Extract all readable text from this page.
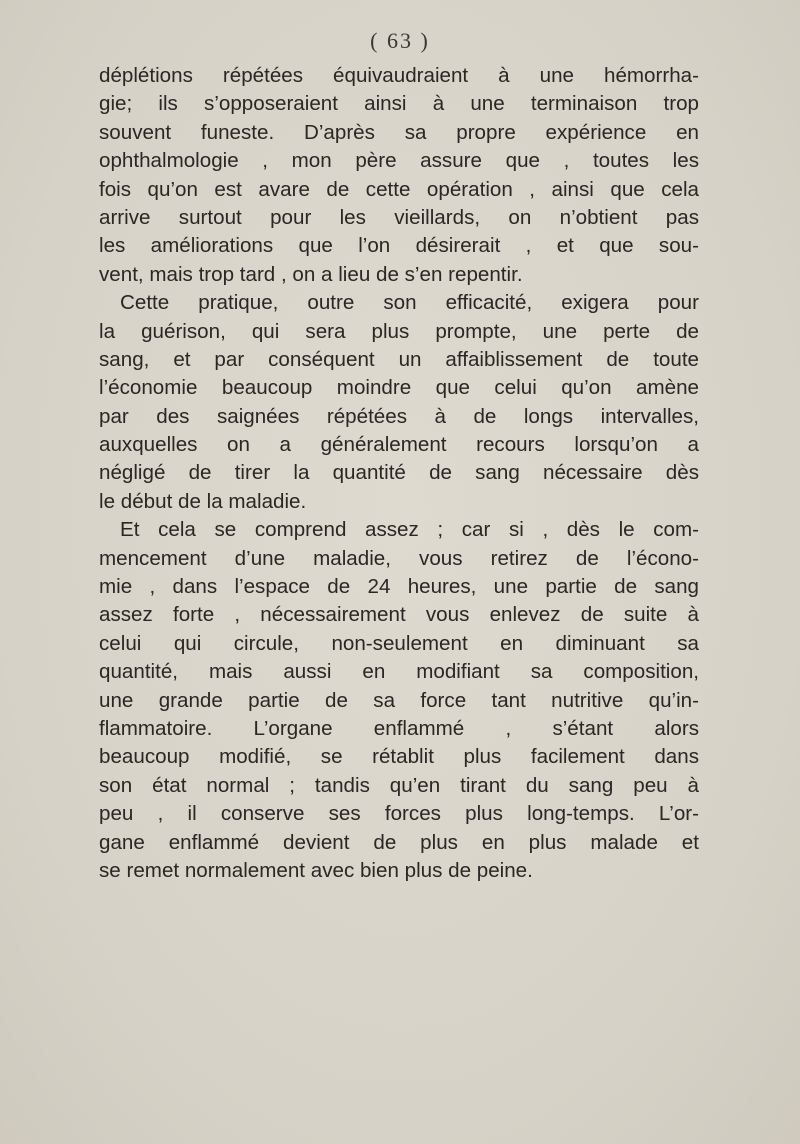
( 63 )
déplétions répétées équivaudraient à une hémorrha-
gie; ils s’opposeraient ainsi à une terminaison trop
souvent funeste. D’après sa propre expérience en
ophthalmologie , mon père assure que , toutes les
fois qu’on est avare de cette opération , ainsi que cela
arrive surtout pour les vieillards, on n’obtient pas
les améliorations que l’on désirerait , et que sou-
vent, mais trop tard , on a lieu de s’en repentir.
Cette pratique, outre son efficacité, exigera pour
la guérison, qui sera plus prompte, une perte de
sang, et par conséquent un affaiblissement de toute
l’économie beaucoup moindre que celui qu’on amène
par des saignées répétées à de longs intervalles,
auxquelles on a généralement recours lorsqu’on a
négligé de tirer la quantité de sang nécessaire dès
le début de la maladie.
Et cela se comprend assez ; car si , dès le com-
mencement d’une maladie, vous retirez de l’écono-
mie , dans l’espace de 24 heures, une partie de sang
assez forte , nécessairement vous enlevez de suite à
celui qui circule, non-seulement en diminuant sa
quantité, mais aussi en modifiant sa composition,
une grande partie de sa force tant nutritive qu’in-
flammatoire. L’organe enflammé , s’étant alors
beaucoup modifié, se rétablit plus facilement dans
son état normal ; tandis qu’en tirant du sang peu à
peu , il conserve ses forces plus long-temps. L’or-
gane enflammé devient de plus en plus malade et
se remet normalement avec bien plus de peine.
